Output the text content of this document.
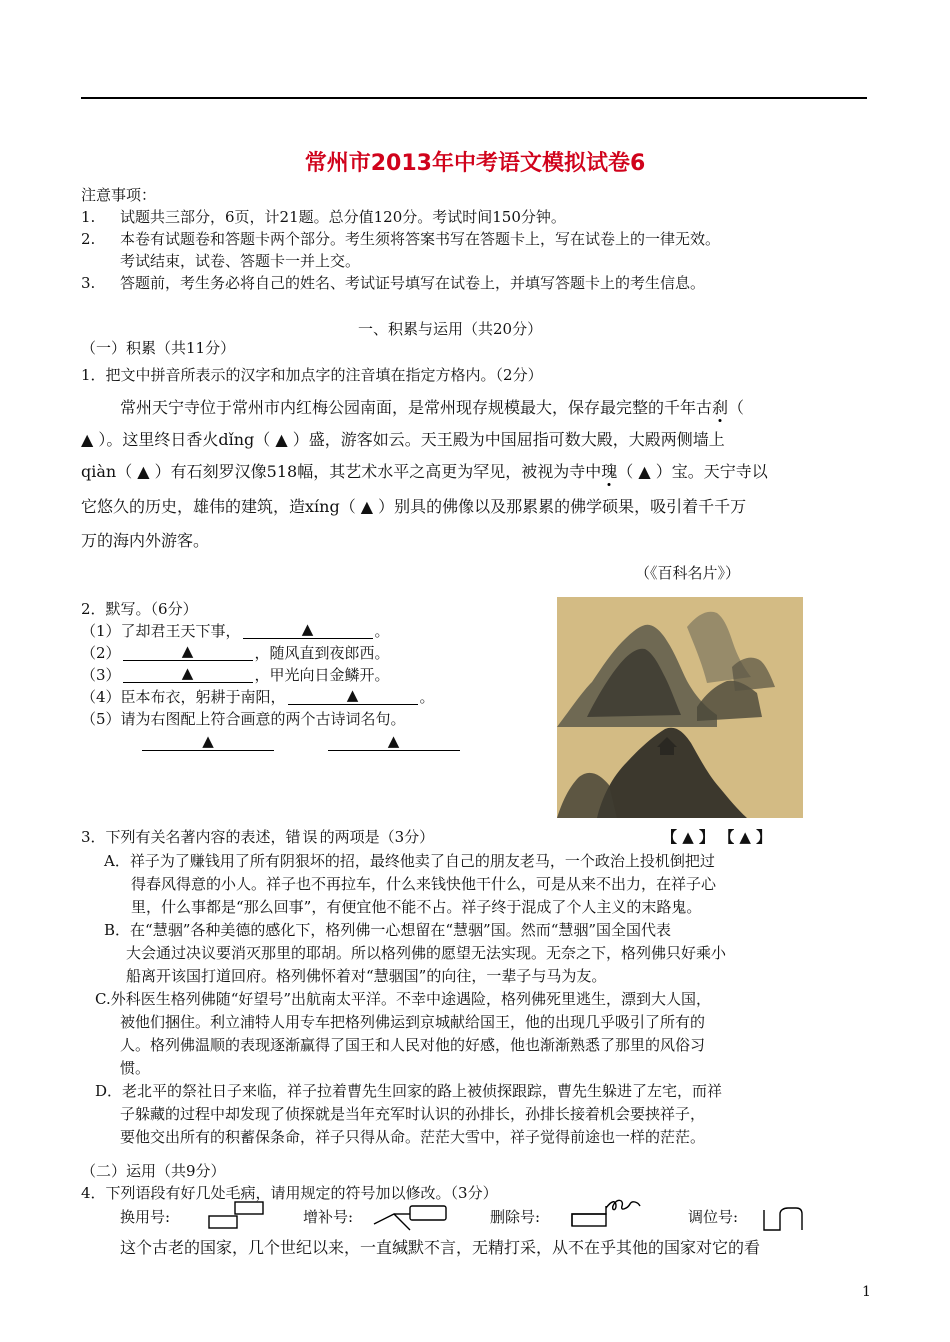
常州市2013年中考语文模拟试卷6
注意事项：
1. 试题共三部分，6页，计21题。总分值120分。考试时间150分钟。
2. 本卷有试题卷和答题卡两个部分。考生须将答案书写在答题卡上，写在试卷上的一律无效。
考试结束，试卷、答题卡一并上交。
3. 答题前，考生务必将自己的姓名、考试证号填写在试卷上，并填写答题卡上的考生信息。
一、积累与运用（共20分）
（一）积累（共11分）
1．把文中拼音所表示的汉字和加点字的注音填在指定方格内。（2分）
常州天宁寺位于常州市内红梅公园南面，是常州现存规模最大，保存最完整的千年古刹（
▲ ）。这里终日香火dǐng（ ▲ ）盛，游客如云。天王殿为中国屈指可数大殿，大殿两侧墙上
qiàn（ ▲ ）有石刻罗汉像518幅，其艺术水平之高更为罕见，被视为寺中瑰（ ▲ ）宝。天宁寺以
它悠久的历史，雄伟的建筑，造xíng（ ▲ ）别具的佛像以及那累累的佛学硕果，吸引着千千万
万的海内外游客。
（《百科名片》）
2．默写。（6分）
（1）了却君王天下事，	▲	。
（2）	▲	，随风直到夜郎西。
（3）	▲	，甲光向日金鳞开。
（4）臣本布衣，躬耕于南阳，	▲	。
（5）请为右图配上符合画意的两个古诗词名句。
▲
	▲
3．下列有关名著内容的表述，错误的两项是（3分）	【 ▲ 】 【 ▲ 】
A．祥子为了赚钱用了所有阴狠坏的招，最终他卖了自己的朋友老马，一个政治上投机倒把过
得春风得意的小人。祥子也不再拉车，什么来钱快他干什么，可是从来不出力，在祥子心
里，什么事都是“那么回事”，有便宜他不能不占。祥子终于混成了个人主义的末路鬼。
B．在“慧骃”各种美德的感化下，格列佛一心想留在“慧骃”国。然而“慧骃”国全国代表
大会通过决议要消灭那里的耶胡。所以格列佛的愿望无法实现。无奈之下，格列佛只好乘小
船离开该国打道回府。格列佛怀着对“慧骃国”的向往，一辈子与马为友。
C.外科医生格列佛随“好望号”出航南太平洋。不幸中途遇险，格列佛死里逃生，漂到大人国，
被他们捆住。利立浦特人用专车把格列佛运到京城献给国王，他的出现几乎吸引了所有的
人。格列佛温顺的表现逐渐赢得了国王和人民对他的好感，他也渐渐熟悉了那里的风俗习
惯。
D．老北平的祭社日子来临，祥子拉着曹先生回家的路上被侦探跟踪，曹先生躲进了左宅，而祥
子躲藏的过程中却发现了侦探就是当年充军时认识的孙排长，孙排长接着机会要挟祥子，
要他交出所有的积蓄保条命，祥子只得从命。茫茫大雪中，祥子觉得前途也一样的茫茫。
（二）运用（共9分）
4．下列语段有好几处毛病，请用规定的符号加以修改。（3分）
换用号:	增补号:	删除号:	调位号:
这个古老的国家，几个世纪以来，一直缄默不言，无精打采，从不在乎其他的国家对它的看
1
